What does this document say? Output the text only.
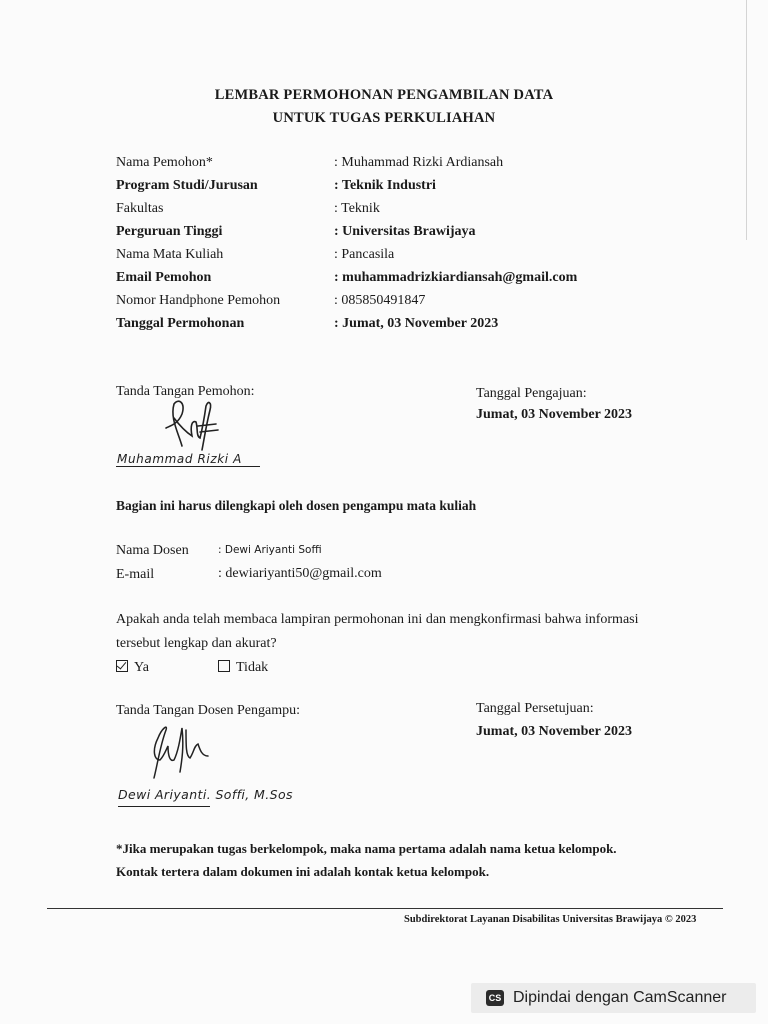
LEMBAR PERMOHONAN PENGAMBILAN DATA
UNTUK TUGAS PERKULIAHAN
Nama Pemohon*	: Muhammad Rizki Ardiansah
Program Studi/Jurusan	: Teknik Industri
Fakultas	: Teknik
Perguruan Tinggi	: Universitas Brawijaya
Nama Mata Kuliah	: Pancasila
Email Pemohon	: muhammadrizkiardiansah@gmail.com
Nomor Handphone Pemohon	: 085850491847
Tanggal Permohonan	: Jumat, 03 November 2023
Tanda Tangan Pemohon:
Muhammad Rizki A
Tanggal Pengajuan:
Jumat, 03 November 2023
Bagian ini harus dilengkapi oleh dosen pengampu mata kuliah
Nama Dosen	: Dewi Ariyanti Soffi
E-mail	: dewiariyanti50@gmail.com
Apakah anda telah membaca lampiran permohonan ini dan mengkonfirmasi bahwa informasi
tersebut lengkap dan akurat?
Ya	Tidak
Tanda Tangan Dosen Pengampu:
Dewi Ariyanti. Soffi, M.Sos
Tanggal Persetujuan:
Jumat, 03 November 2023
*Jika merupakan tugas berkelompok, maka nama pertama adalah nama ketua kelompok.
Kontak tertera dalam dokumen ini adalah kontak ketua kelompok.
Subdirektorat Layanan Disabilitas Universitas Brawijaya © 2023
CS Dipindai dengan CamScanner
